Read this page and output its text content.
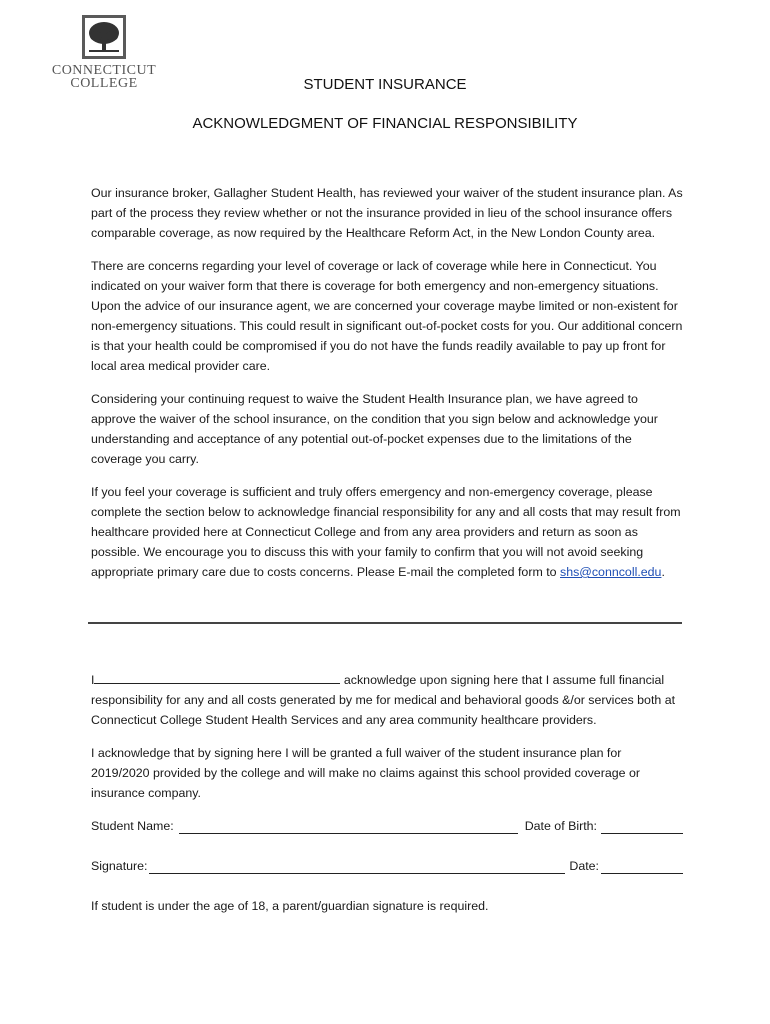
CONNECTICUT
COLLEGE	STUDENT INSURANCE
ACKNOWLEDGMENT OF FINANCIAL RESPONSIBILITY

Our insurance broker, Gallagher Student Health, has reviewed your waiver of the student insurance plan. As part of the process they review whether or not the insurance provided in lieu of the school insurance offers comparable coverage, as now required by the Healthcare Reform Act, in the New London County area.

There are concerns regarding your level of coverage or lack of coverage while here in Connecticut. You indicated on your waiver form that there is coverage for both emergency and non-emergency situations. Upon the advice of our insurance agent, we are concerned your coverage maybe limited or non-existent for non-emergency situations. This could result in significant out-of-pocket costs for you. Our additional concern is that your health could be compromised if you do not have the funds readily available to pay up front for local area medical provider care.

Considering your continuing request to waive the Student Health Insurance plan, we have agreed to approve the waiver of the school insurance, on the condition that you sign below and acknowledge your understanding and acceptance of any potential out-of-pocket expenses due to the limitations of the coverage you carry.

If you feel your coverage is sufficient and truly offers emergency and non-emergency coverage, please complete the section below to acknowledge financial responsibility for any and all costs that may result from healthcare provided here at Connecticut College and from any area providers and return as soon as possible. We encourage you to discuss this with your family to confirm that you will not avoid seeking appropriate primary care due to costs concerns. Please E-mail the completed form to shs@conncoll.edu.

I	acknowledge upon signing here that I assume full financial responsibility for any and all costs generated by me for medical and behavioral goods &/or services both at Connecticut College Student Health Services and any area community healthcare providers.

I acknowledge that by signing here I will be granted a full waiver of the student insurance plan for 2019/2020 provided by the college and will make no claims against this school provided coverage or insurance company.

Student Name:	Date of Birth:
Signature:	Date:

If student is under the age of 18, a parent/guardian signature is required.
